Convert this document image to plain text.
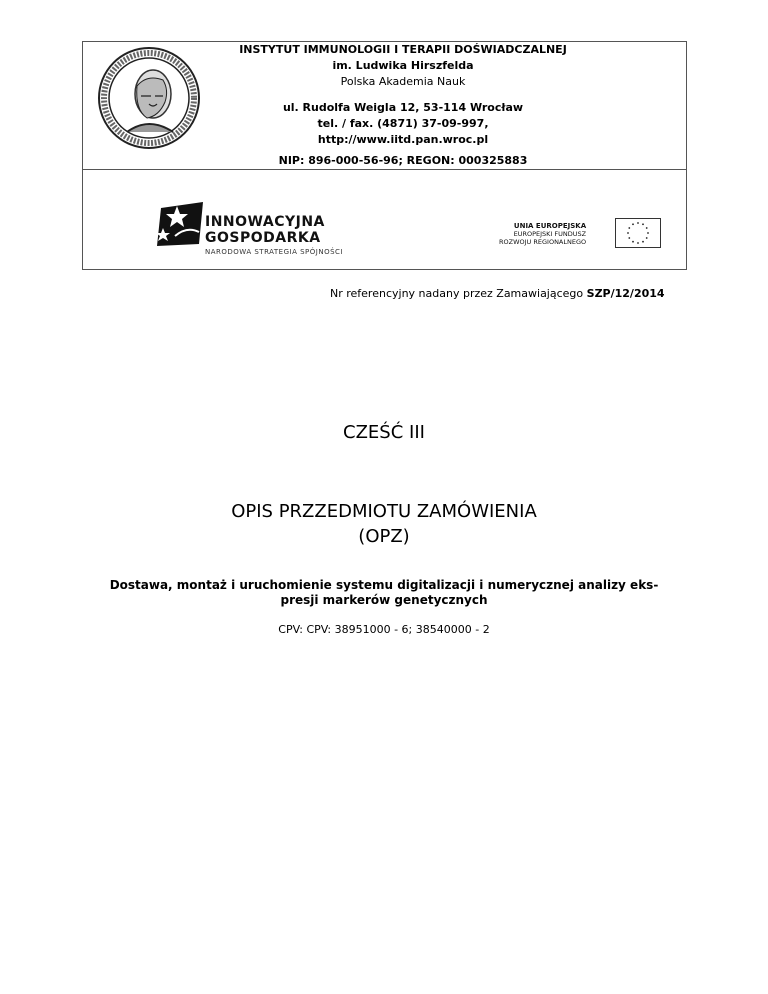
INSTYTUT IMMUNOLOGII I TERAPII DOŚWIADCZALNEJ
im. Ludwika Hirszfelda
Polska Akademia Nauk
ul. Rudolfa Weigla 12, 53-114 Wrocław
tel. / fax. (4871) 37-09-997,
http://www.iitd.pan.wroc.pl
NIP: 896-000-56-96; REGON: 000325883
INNOWACYJNA
GOSPODARKA
NARODOWA STRATEGIA SPÓJNOŚCI
UNIA EUROPEJSKA
EUROPEJSKI FUNDUSZ
ROZWOJU REGIONALNEGO
Nr referencyjny nadany przez Zamawiającego SZP/12/2014
CZEŚĆ III
OPIS PRZZEDMIOTU ZAMÓWIENIA
(OPZ)
Dostawa, montaż i uruchomienie systemu digitalizacji i numerycznej analizy eks-
presji markerów genetycznych
CPV: CPV: 38951000 - 6; 38540000 - 2
